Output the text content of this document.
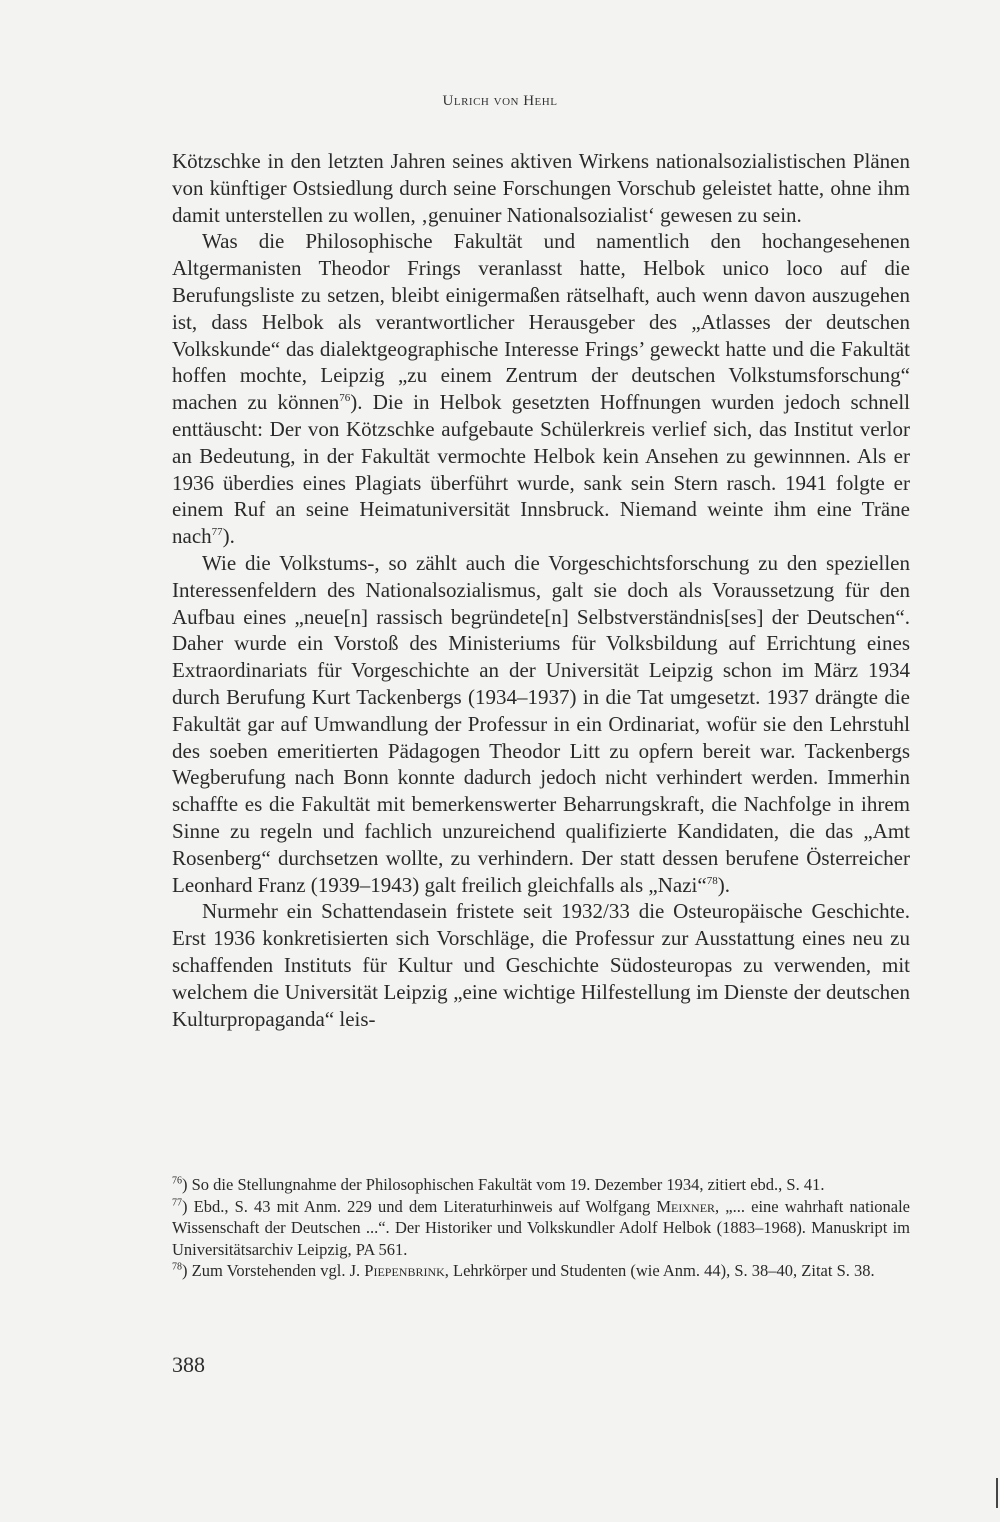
Ulrich von Hehl

Kötzschke in den letzten Jahren seines aktiven Wirkens nationalsozialistischen Plänen von künftiger Ostsiedlung durch seine Forschungen Vorschub geleistet hatte, ohne ihm damit unterstellen zu wollen, ‚genuiner Nationalsozialist‘ gewesen zu sein.

Was die Philosophische Fakultät und namentlich den hochangesehenen Altgermanisten Theodor Frings veranlasst hatte, Helbok unico loco auf die Berufungsliste zu setzen, bleibt einigermaßen rätselhaft, auch wenn davon auszugehen ist, dass Helbok als verantwortlicher Herausgeber des „Atlasses der deutschen Volkskunde“ das dialektgeographische Interesse Frings’ geweckt hatte und die Fakultät hoffen mochte, Leipzig „zu einem Zentrum der deutschen Volkstumsforschung“ machen zu können$^{76}$). Die in Helbok gesetzten Hoffnungen wurden jedoch schnell enttäuscht: Der von Kötzschke aufgebaute Schülerkreis verlief sich, das Institut verlor an Bedeutung, in der Fakultät vermochte Helbok kein Ansehen zu gewinnnen. Als er 1936 überdies eines Plagiats überführt wurde, sank sein Stern rasch. 1941 folgte er einem Ruf an seine Heimatuniversität Innsbruck. Niemand weinte ihm eine Träne nach$^{77}$).

Wie die Volkstums-, so zählt auch die Vorgeschichtsforschung zu den speziellen Interessenfeldern des Nationalsozialismus, galt sie doch als Voraussetzung für den Aufbau eines „neue[n] rassisch begründete[n] Selbstverständnis[ses] der Deutschen“. Daher wurde ein Vorstoß des Ministeriums für Volksbildung auf Errichtung eines Extraordinariats für Vorgeschichte an der Universität Leipzig schon im März 1934 durch Berufung Kurt Tackenbergs (1934–1937) in die Tat umgesetzt. 1937 drängte die Fakultät gar auf Umwandlung der Professur in ein Ordinariat, wofür sie den Lehrstuhl des soeben emeritierten Pädagogen Theodor Litt zu opfern bereit war. Tackenbergs Wegberufung nach Bonn konnte dadurch jedoch nicht verhindert werden. Immerhin schaffte es die Fakultät mit bemerkenswerter Beharrungskraft, die Nachfolge in ihrem Sinne zu regeln und fachlich unzureichend qualifizierte Kandidaten, die das „Amt Rosenberg“ durchsetzen wollte, zu verhindern. Der statt dessen berufene Österreicher Leonhard Franz (1939–1943) galt freilich gleichfalls als „Nazi“$^{78}$).

Nurmehr ein Schattendasein fristete seit 1932/33 die Osteuropäische Geschichte. Erst 1936 konkretisierten sich Vorschläge, die Professur zur Ausstattung eines neu zu schaffenden Instituts für Kultur und Geschichte Südosteuropas zu verwenden, mit welchem die Universität Leipzig „eine wichtige Hilfestellung im Dienste der deutschen Kulturpropaganda“ leis-

$^{76}$) So die Stellungnahme der Philosophischen Fakultät vom 19. Dezember 1934, zitiert ebd., S. 41.

$^{77}$) Ebd., S. 43 mit Anm. 229 und dem Literaturhinweis auf Wolfgang Meixner, „... eine wahrhaft nationale Wissenschaft der Deutschen ...“. Der Historiker und Volkskundler Adolf Helbok (1883–1968). Manuskript im Universitätsarchiv Leipzig, PA 561.

$^{78}$) Zum Vorstehenden vgl. J. Piepenbrink, Lehrkörper und Studenten (wie Anm. 44), S. 38–40, Zitat S. 38.

388
